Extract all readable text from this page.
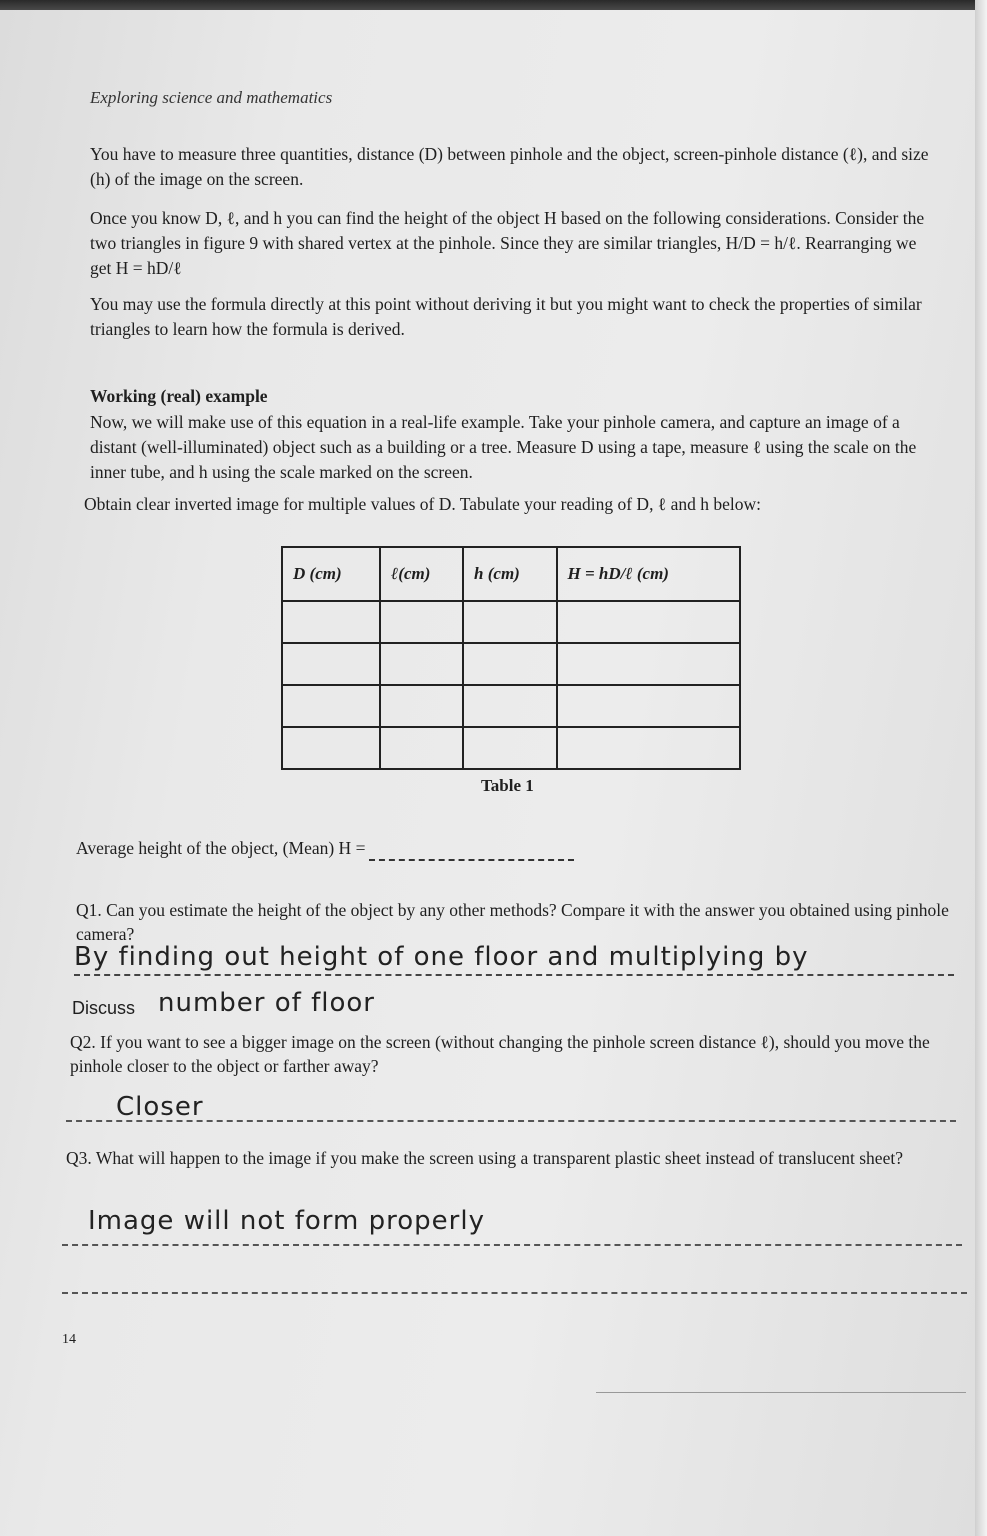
Exploring science and mathematics
You have to measure three quantities, distance (D) between pinhole and the object, screen-pinhole distance (ℓ), and size (h) of the image on the screen.
Once you know D, ℓ, and h you can find the height of the object H based on the following considerations. Consider the two triangles in figure 9 with shared vertex at the pinhole. Since they are similar triangles, H/D = h/ℓ. Rearranging we get H = hD/ℓ
You may use the formula directly at this point without deriving it but you might want to check the properties of similar triangles to learn how the formula is derived.
Working (real) example
Now, we will make use of this equation in a real-life example. Take your pinhole camera, and capture an image of a distant (well-illuminated) object such as a building or a tree. Measure D using a tape, measure ℓ using the scale on the inner tube, and h using the scale marked on the screen.
Obtain clear inverted image for multiple values of D. Tabulate your reading of D, ℓ and h below:
D (cm)	ℓ(cm)	h (cm)	H = hD/ℓ (cm)

Table 1
Average height of the object, (Mean) H =
Q1. Can you estimate the height of the object by any other methods? Compare it with the answer you obtained using pinhole camera?
By finding out height of one floor and multiplying by
Discuss number of floor
Q2. If you want to see a bigger image on the screen (without changing the pinhole screen distance ℓ), should you move the pinhole closer to the object or farther away?
Closer
Q3. What will happen to the image if you make the screen using a transparent plastic sheet instead of translucent sheet?
Image will not form properly
14
